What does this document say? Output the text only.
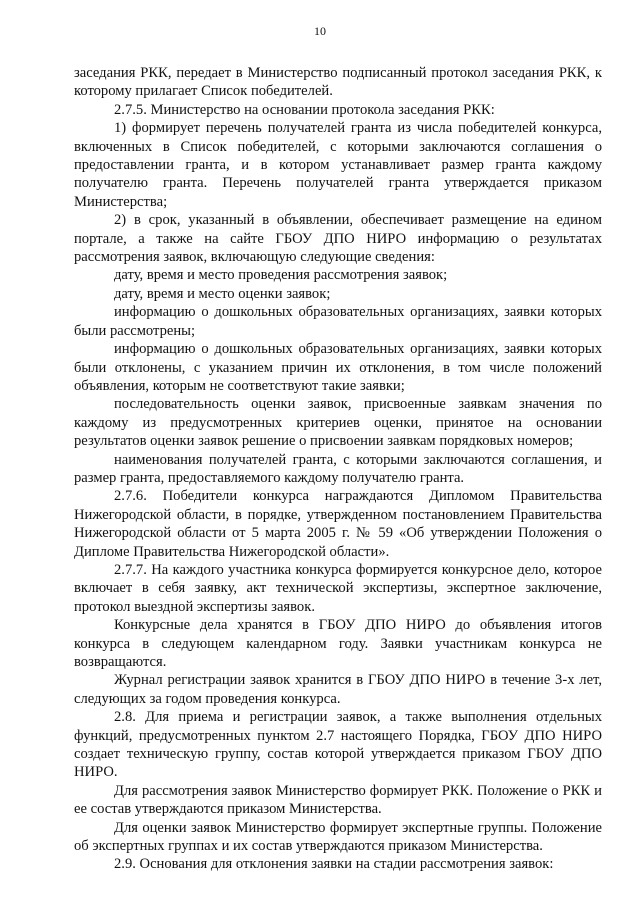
10

заседания РКК, передает в Министерство подписанный протокол заседания РКК, к которому прилагает Список победителей.

2.7.5. Министерство на основании протокола заседания РКК:

1) формирует перечень получателей гранта из числа победителей конкурса, включенных в Список победителей, с которыми заключаются соглашения о предоставлении гранта, и в котором устанавливает размер гранта каждому получателю гранта. Перечень получателей гранта утверждается приказом Министерства;

2) в срок, указанный в объявлении, обеспечивает размещение на едином портале, а также на сайте ГБОУ ДПО НИРО информацию о результатах рассмотрения заявок, включающую следующие сведения:

дату, время и место проведения рассмотрения заявок;

дату, время и место оценки заявок;

информацию о дошкольных образовательных организациях, заявки которых были рассмотрены;

информацию о дошкольных образовательных организациях, заявки которых были отклонены, с указанием причин их отклонения, в том числе положений объявления, которым не соответствуют такие заявки;

последовательность оценки заявок, присвоенные заявкам значения по каждому из предусмотренных критериев оценки, принятое на основании результатов оценки заявок решение о присвоении заявкам порядковых номеров;

наименования получателей гранта, с которыми заключаются соглашения, и размер гранта, предоставляемого каждому получателю гранта.

2.7.6. Победители конкурса награждаются Дипломом Правительства Нижегородской области, в порядке, утвержденном постановлением Правительства Нижегородской области от 5 марта 2005 г. № 59 «Об утверждении Положения о Дипломе Правительства Нижегородской области».

2.7.7. На каждого участника конкурса формируется конкурсное дело, которое включает в себя заявку, акт технической экспертизы, экспертное заключение, протокол выездной экспертизы заявок.

Конкурсные дела хранятся в ГБОУ ДПО НИРО до объявления итогов конкурса в следующем календарном году. Заявки участникам конкурса не возвращаются.

Журнал регистрации заявок хранится в ГБОУ ДПО НИРО в течение 3-х лет, следующих за годом проведения конкурса.

2.8. Для приема и регистрации заявок, а также выполнения отдельных функций, предусмотренных пунктом 2.7 настоящего Порядка, ГБОУ ДПО НИРО создает техническую группу, состав которой утверждается приказом ГБОУ ДПО НИРО.

Для рассмотрения заявок Министерство формирует РКК. Положение о РКК и ее состав утверждаются приказом Министерства.

Для оценки заявок Министерство формирует экспертные группы. Положение об экспертных группах и их состав утверждаются приказом Министерства.

2.9. Основания для отклонения заявки на стадии рассмотрения заявок:
